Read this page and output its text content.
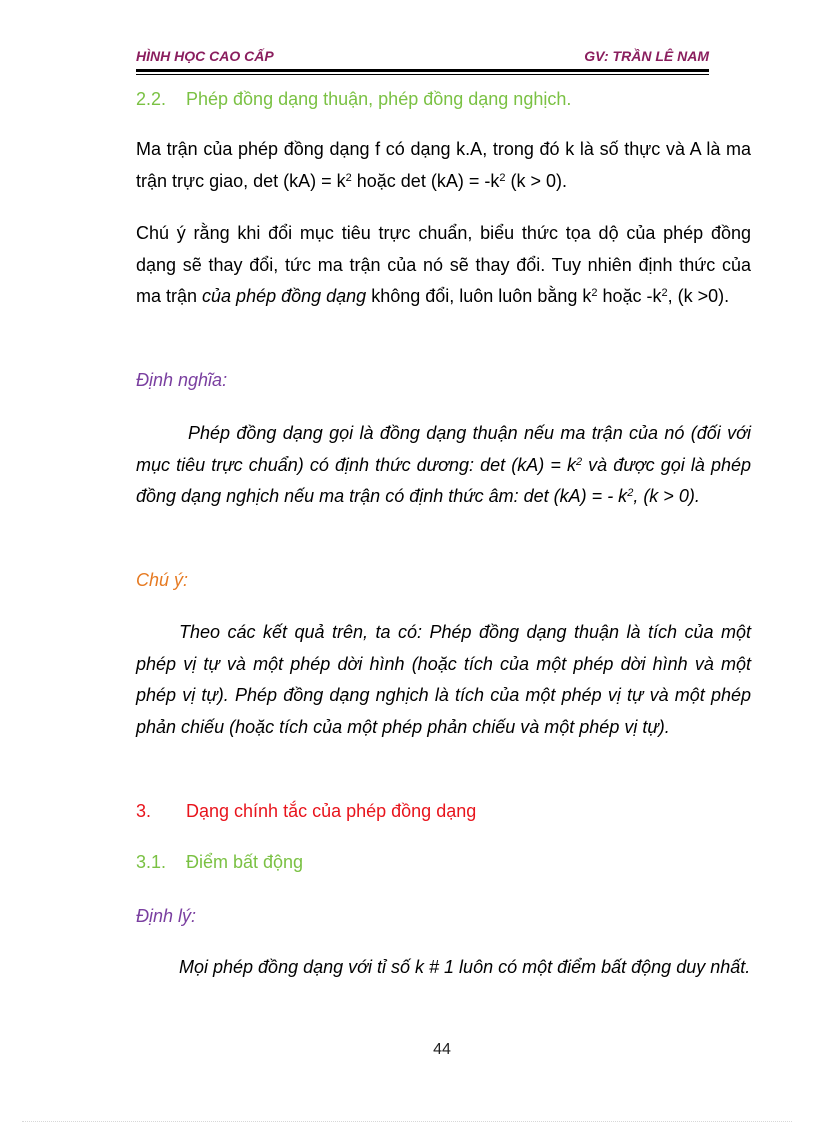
HÌNH HỌC CAO CẤP	GV: TRẦN LÊ NAM

2.2. Phép đồng dạng thuận, phép đồng dạng nghịch.

Ma trận của phép đồng dạng f có dạng k.A, trong đó k là số thực và A là ma trận trực giao, $\det (kA) = k^2$ hoặc $\det (kA) = -k^2$ (k > 0).

Chú ý rằng khi đổi mục tiêu trực chuẩn, biểu thức tọa dộ của phép đồng dạng sẽ thay đổi, tức ma trận của nó sẽ thay đổi. Tuy nhiên định thức của ma trận của phép đồng dạng không đổi, luôn luôn bằng $k^2$ hoặc $-k^2$, (k >0).

Định nghĩa:

Phép đồng dạng gọi là đồng dạng thuận nếu ma trận của nó (đối với mục tiêu trực chuẩn) có định thức dương: $\det (kA) = k^2$ và được gọi là phép đồng dạng nghịch nếu ma trận có định thức âm: det (kA) = - $k^2$, (k > 0).

Chú ý:

Theo các kết quả trên, ta có: Phép đồng dạng thuận là tích của một phép vị tự và một phép dời hình (hoặc tích của một phép dời hình và một phép vị tự). Phép đồng dạng nghịch là tích của một phép vị tự và một phép phản chiếu (hoặc tích của một phép phản chiếu và một phép vị tự).

3. Dạng chính tắc của phép đồng dạng

3.1. Điểm bất động

Định lý:

Mọi phép đồng dạng với tỉ số k # 1 luôn có một điểm bất động duy nhất.

44
